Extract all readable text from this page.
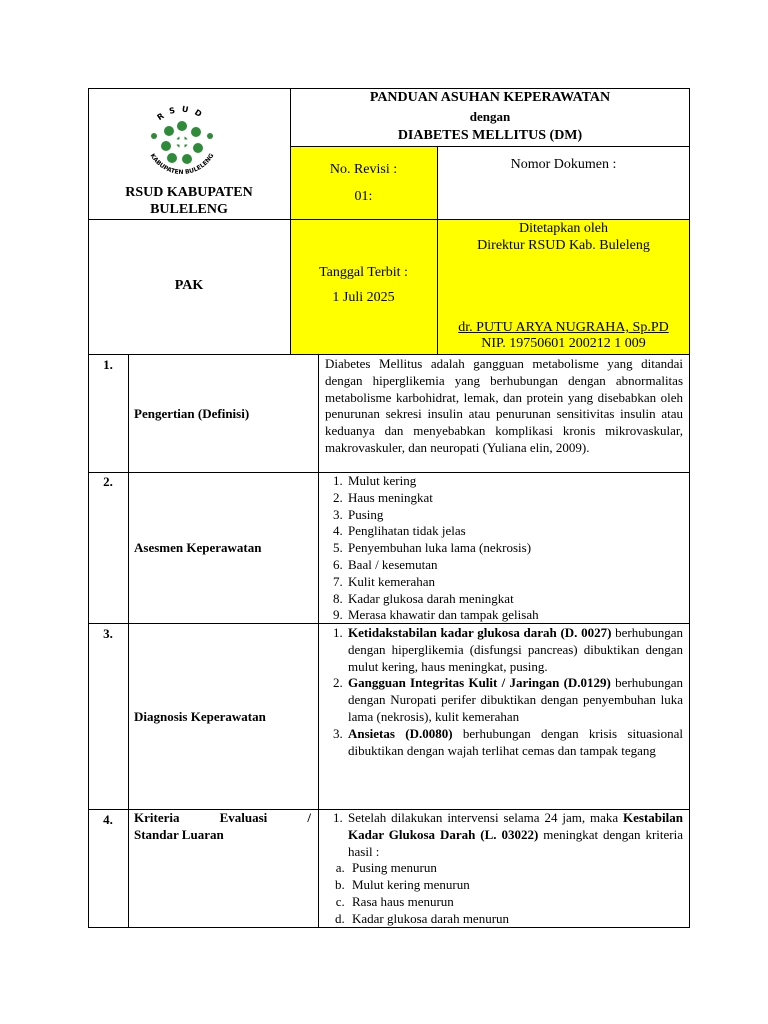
RSUD
KABUPATEN BULELENG
RSUD KABUPATEN
BULELENG
PANDUAN ASUHAN KEPERAWATAN
dengan
DIABETES MELLITUS (DM)
No. Revisi :
01:
Nomor Dokumen :
PAK
Tanggal Terbit :
1 Juli 2025
Ditetapkan oleh
Direktur RSUD Kab. Buleleng
dr. PUTU ARYA NUGRAHA, Sp.PD
NIP. 19750601 200212 1 009
1.
Pengertian (Definisi)
Diabetes Mellitus adalah gangguan metabolisme yang ditandai dengan hiperglikemia yang berhubungan dengan abnormalitas metabolisme karbohidrat, lemak, dan protein yang disebabkan oleh penurunan sekresi insulin atau penurunan sensitivitas insulin atau keduanya dan menyebabkan komplikasi kronis mikrovaskular, makrovaskuler, dan neuropati (Yuliana elin, 2009).
2.
Asesmen Keperawatan
1. Mulut kering
2. Haus meningkat
3. Pusing
4. Penglihatan tidak jelas
5. Penyembuhan luka lama (nekrosis)
6. Baal / kesemutan
7. Kulit kemerahan
8. Kadar glukosa darah meningkat
9. Merasa khawatir dan tampak gelisah
3.
Diagnosis Keperawatan
1. Ketidakstabilan kadar glukosa darah (D. 0027) berhubungan dengan hiperglikemia (disfungsi pancreas) dibuktikan dengan mulut kering, haus meningkat, pusing.
2. Gangguan Integritas Kulit / Jaringan (D.0129) berhubungan dengan Nuropati perifer dibuktikan dengan penyembuhan luka lama (nekrosis), kulit kemerahan
3. Ansietas (D.0080) berhubungan dengan krisis situasional dibuktikan dengan wajah terlihat cemas dan tampak tegang
4.	Kriteria Evaluasi /
Standar Luaran
1. Setelah dilakukan intervensi selama 24 jam, maka Kestabilan Kadar Glukosa Darah (L. 03022) meningkat dengan kriteria hasil :
a. Pusing menurun
b. Mulut kering menurun
c. Rasa haus menurun
d. Kadar glukosa darah menurun
